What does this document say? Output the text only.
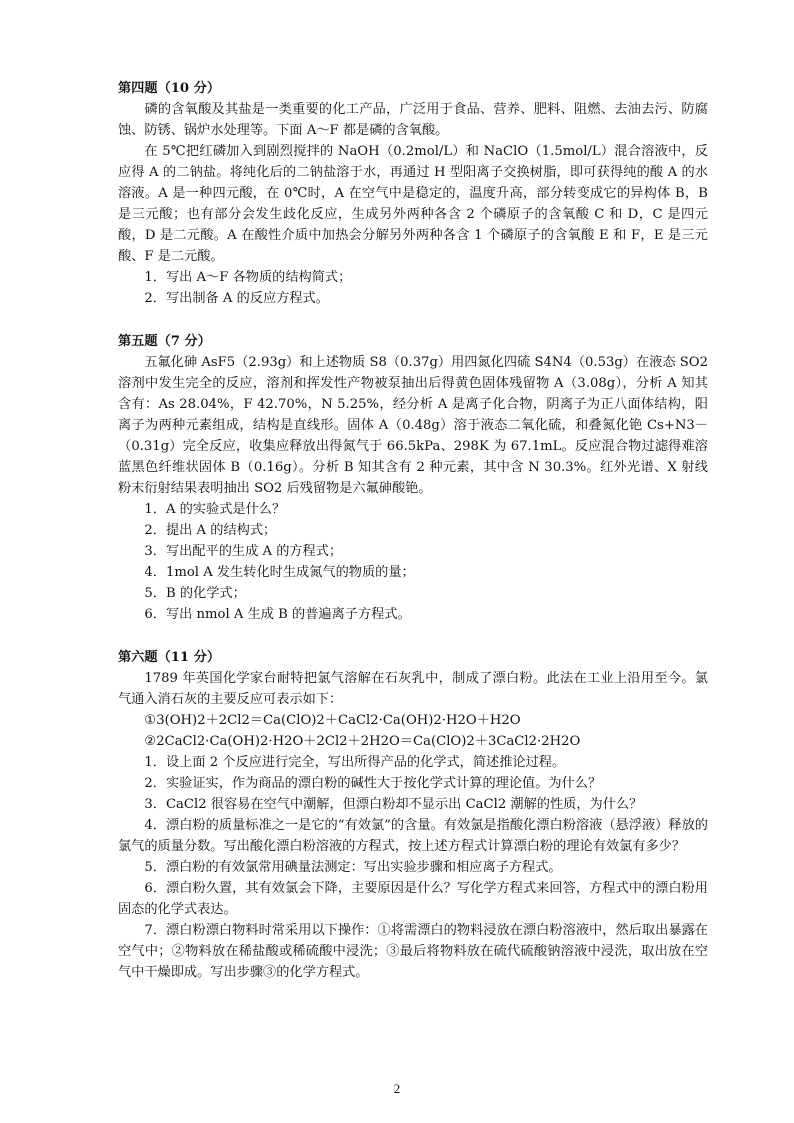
第四题（10 分）

磷的含氧酸及其盐是一类重要的化工产品，广泛用于食品、营养、肥料、阻燃、去油去污、防腐蚀、防锈、锅炉水处理等。下面 A～F 都是磷的含氧酸。

在 5℃把红磷加入到剧烈搅拌的 NaOH（0.2mol/L）和 NaClO（1.5mol/L）混合溶液中，反应得 A 的二钠盐。将纯化后的二钠盐溶于水，再通过 H 型阳离子交换树脂，即可获得纯的酸 A 的水溶液。A 是一种四元酸，在 0℃时，A 在空气中是稳定的，温度升高，部分转变成它的异构体 B，B 是三元酸；也有部分会发生歧化反应，生成另外两种各含 2 个磷原子的含氧酸 C 和 D，C 是四元酸，D 是二元酸。A 在酸性介质中加热会分解另外两种各含 1 个磷原子的含氧酸 E 和 F，E 是三元酸、F 是二元酸。

1．写出 A～F 各物质的结构简式；

2．写出制备 A 的反应方程式。

第五题（7 分）

五氟化砷 AsF5（2.93g）和上述物质 S8（0.37g）用四氮化四硫 S4N4（0.53g）在液态 SO2 溶剂中发生完全的反应，溶剂和挥发性产物被泵抽出后得黄色固体残留物 A（3.08g），分析 A 知其含有：As 28.04%，F 42.70%，N 5.25%，经分析 A 是离子化合物，阴离子为正八面体结构，阳离子为两种元素组成，结构是直线形。固体 A（0.48g）溶于液态二氧化硫，和叠氮化铯 Cs+N3－（0.31g）完全反应，收集应释放出得氮气于 66.5kPa、298K 为 67.1mL。反应混合物过滤得难溶蓝黑色纤维状固体 B（0.16g）。分析 B 知其含有 2 种元素，其中含 N 30.3%。红外光谱、X 射线粉末衍射结果表明抽出 SO2 后残留物是六氟砷酸铯。

1．A 的实验式是什么？

2．提出 A 的结构式；

3．写出配平的生成 A 的方程式；

4．1mol A 发生转化时生成氮气的物质的量；

5．B 的化学式；

6．写出 nmol A 生成 B 的普遍离子方程式。

第六题（11 分）

1789 年英国化学家台耐特把氯气溶解在石灰乳中，制成了漂白粉。此法在工业上沿用至今。氯气通入消石灰的主要反应可表示如下：

①3(OH)2＋2Cl2＝Ca(ClO)2＋CaCl2·Ca(OH)2·H2O＋H2O

②2CaCl2·Ca(OH)2·H2O＋2Cl2＋2H2O＝Ca(ClO)2＋3CaCl2·2H2O

1．设上面 2 个反应进行完全，写出所得产品的化学式，简述推论过程。

2．实验证实，作为商品的漂白粉的碱性大于按化学式计算的理论值。为什么？

3．CaCl2 很容易在空气中潮解，但漂白粉却不显示出 CaCl2 潮解的性质，为什么？

4．漂白粉的质量标准之一是它的“有效氯”的含量。有效氯是指酸化漂白粉溶液（悬浮液）释放的氯气的质量分数。写出酸化漂白粉溶液的方程式，按上述方程式计算漂白粉的理论有效氯有多少？

5．漂白粉的有效氯常用碘量法测定：写出实验步骤和相应离子方程式。

6．漂白粉久置，其有效氯会下降，主要原因是什么？写化学方程式来回答，方程式中的漂白粉用固态的化学式表达。

7．漂白粉漂白物料时常采用以下操作：①将需漂白的物料浸放在漂白粉溶液中，然后取出暴露在空气中；②物料放在稀盐酸或稀硫酸中浸洗；③最后将物料放在硫代硫酸钠溶液中浸洗，取出放在空气中干燥即成。写出步骤③的化学方程式。

2
